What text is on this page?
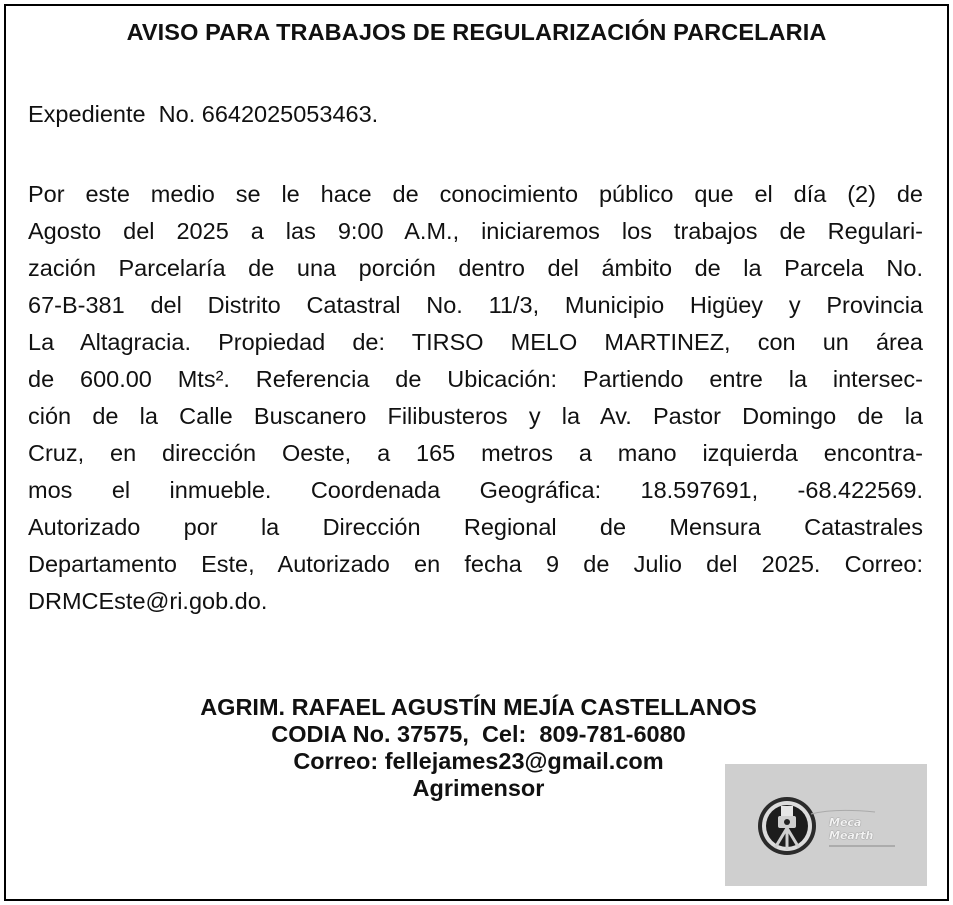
AVISO PARA TRABAJOS DE REGULARIZACIÓN PARCELARIA
Expediente  No. 6642025053463.
Por este medio se le hace de conocimiento público que el día (2) de
Agosto del 2025 a las 9:00 A.M., iniciaremos los trabajos de Regulari-
zación Parcelaría de una porción dentro del ámbito de la Parcela No.
67-B-381 del Distrito Catastral No. 11/3, Municipio Higüey y Provincia
La Altagracia. Propiedad de: TIRSO MELO MARTINEZ, con un área
de 600.00 Mts². Referencia de Ubicación: Partiendo entre la intersec-
ción de la Calle Buscanero Filibusteros y la Av. Pastor Domingo de la
Cruz, en dirección Oeste, a 165 metros a mano izquierda encontra-
mos el inmueble. Coordenada Geográfica: 18.597691, -68.422569.
Autorizado por la Dirección Regional de Mensura Catastrales
Departamento Este, Autorizado en fecha 9 de Julio del 2025. Correo:
DRMCEste@ri.gob.do.
AGRIM. RAFAEL AGUSTÍN MEJÍA CASTELLANOS
CODIA No. 37575,  Cel:  809-781-6080
Correo: fellejames23@gmail.com
Agrimensor
Meca
Mearth
